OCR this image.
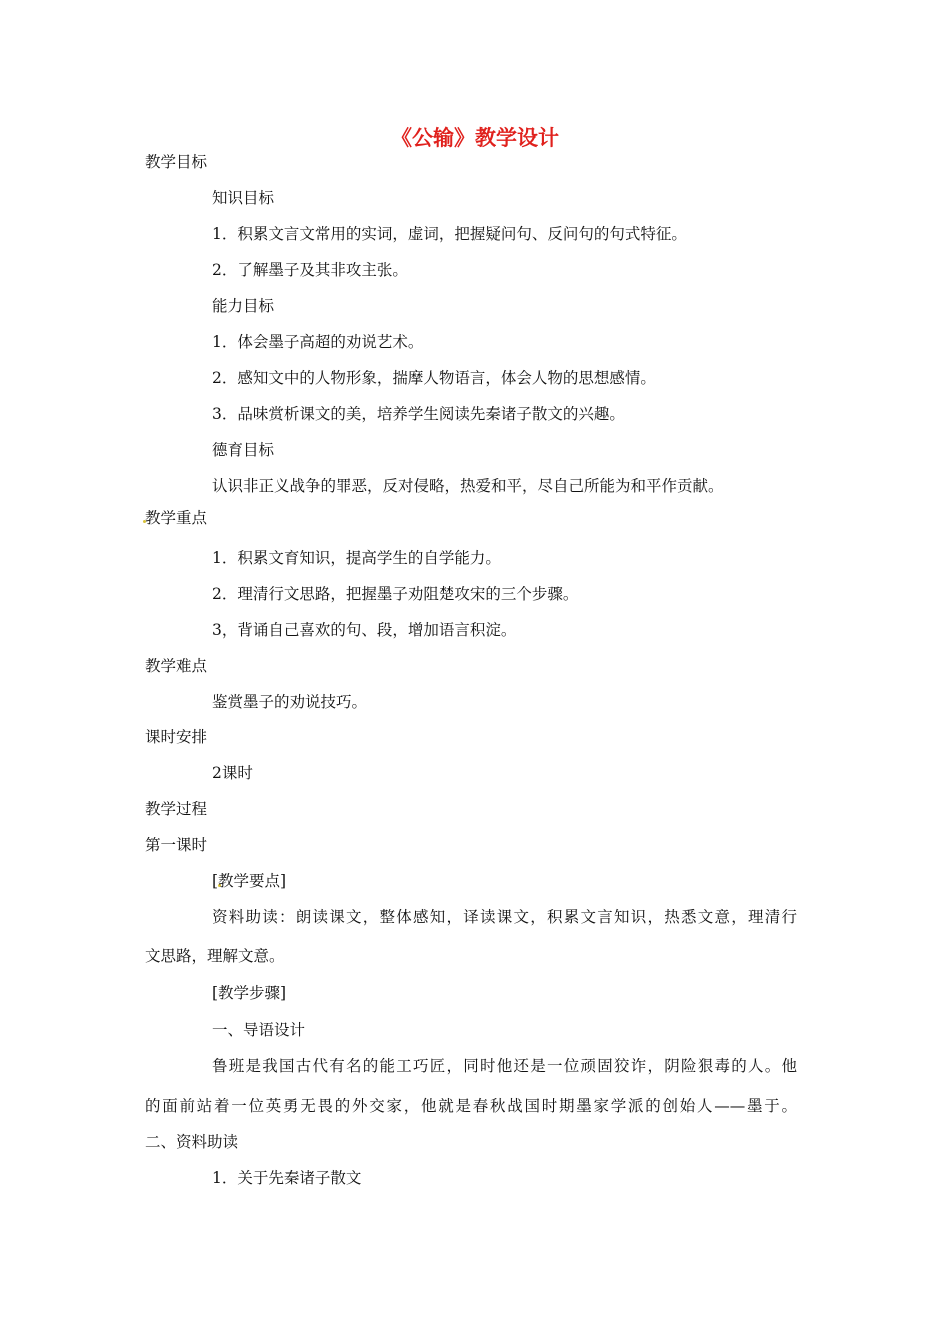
《公输》教学设计
教学目标
知识目标
1．积累文言文常用的实词，虚词，把握疑问句、反问句的句式特征。
2．了解墨子及其非攻主张。
能力目标
1．体会墨子高超的劝说艺术。
2．感知文中的人物形象，揣摩人物语言，体会人物的思想感情。
3．品味赏析课文的美，培养学生阅读先秦诸子散文的兴趣。
德育目标
认识非正义战争的罪恶，反对侵略，热爱和平，尽自己所能为和平作贡献。
教学重点
1．积累文育知识，提高学生的自学能力。
2．理清行文思路，把握墨子劝阻楚攻宋的三个步骤。
3，背诵自己喜欢的句、段，增加语言积淀。
教学难点
鉴赏墨子的劝说技巧。
课时安排
2课时
教学过程
第一课时
[教学要点]
资料助读：朗读课文，整体感知，译读课文，积累文言知识，热悉文意，理清行
文思路，理解文意。
[教学步骤]
一、导语设计
鲁班是我国古代有名的能工巧匠，同时他还是一位顽固狡诈，阴险狠毒的人。他
的面前站着一位英勇无畏的外交家，他就是春秋战国时期墨家学派的创始人——墨于。
二、资料助读
1．关于先秦诸子散文
